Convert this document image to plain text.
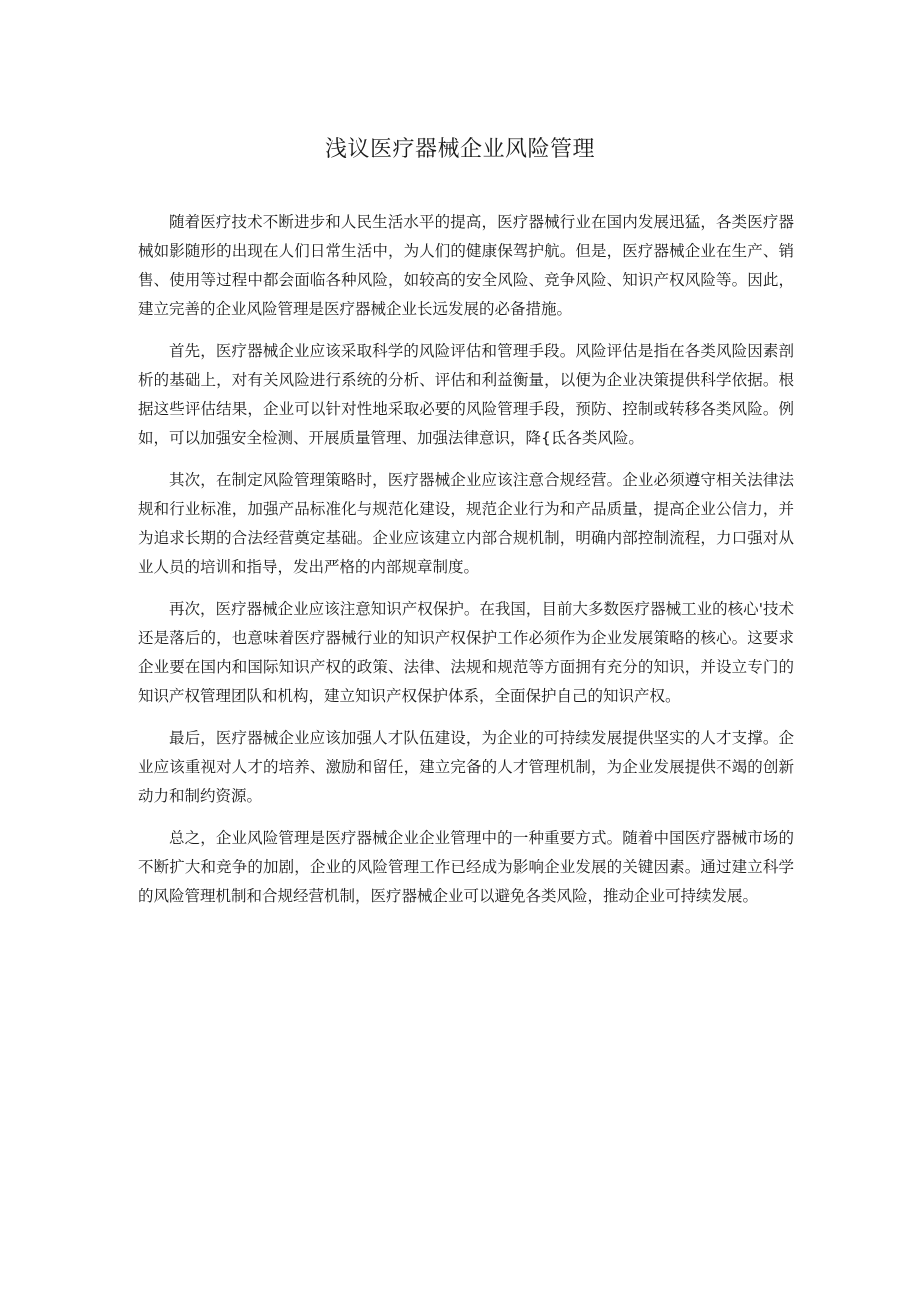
浅议医疗器械企业风险管理

随着医疗技术不断进步和人民生活水平的提高，医疗器械行业在国内发展迅猛，各类医疗器械如影随形的出现在人们日常生活中，为人们的健康保驾护航。但是，医疗器械企业在生产、销售、使用等过程中都会面临各种风险，如较高的安全风险、竞争风险、知识产权风险等。因此，建立完善的企业风险管理是医疗器械企业长远发展的必备措施。

首先，医疗器械企业应该采取科学的风险评估和管理手段。风险评估是指在各类风险因素剖析的基础上，对有关风险进行系统的分析、评估和利益衡量，以便为企业决策提供科学依据。根据这些评估结果，企业可以针对性地采取必要的风险管理手段，预防、控制或转移各类风险。例如，可以加强安全检测、开展质量管理、加强法律意识，降{氐各类风险。

其次，在制定风险管理策略时，医疗器械企业应该注意合规经营。企业必须遵守相关法律法规和行业标准，加强产品标准化与规范化建设，规范企业行为和产品质量，提高企业公信力，并为追求长期的合法经营奠定基础。企业应该建立内部合规机制，明确内部控制流程，力口强对从业人员的培训和指导，发出严格的内部规章制度。

再次，医疗器械企业应该注意知识产权保护。在我国，目前大多数医疗器械工业的核心'技术还是落后的，也意味着医疗器械行业的知识产权保护工作必须作为企业发展策略的核心。这要求企业要在国内和国际知识产权的政策、法律、法规和规范等方面拥有充分的知识，并设立专门的知识产权管理团队和机构，建立知识产权保护体系，全面保护自己的知识产权。

最后，医疗器械企业应该加强人才队伍建设，为企业的可持续发展提供坚实的人才支撑。企业应该重视对人才的培养、激励和留任，建立完备的人才管理机制，为企业发展提供不竭的创新动力和制约资源。

总之，企业风险管理是医疗器械企业企业管理中的一种重要方式。随着中国医疗器械市场的不断扩大和竞争的加剧，企业的风险管理工作已经成为影响企业发展的关键因素。通过建立科学的风险管理机制和合规经营机制，医疗器械企业可以避免各类风险，推动企业可持续发展。
